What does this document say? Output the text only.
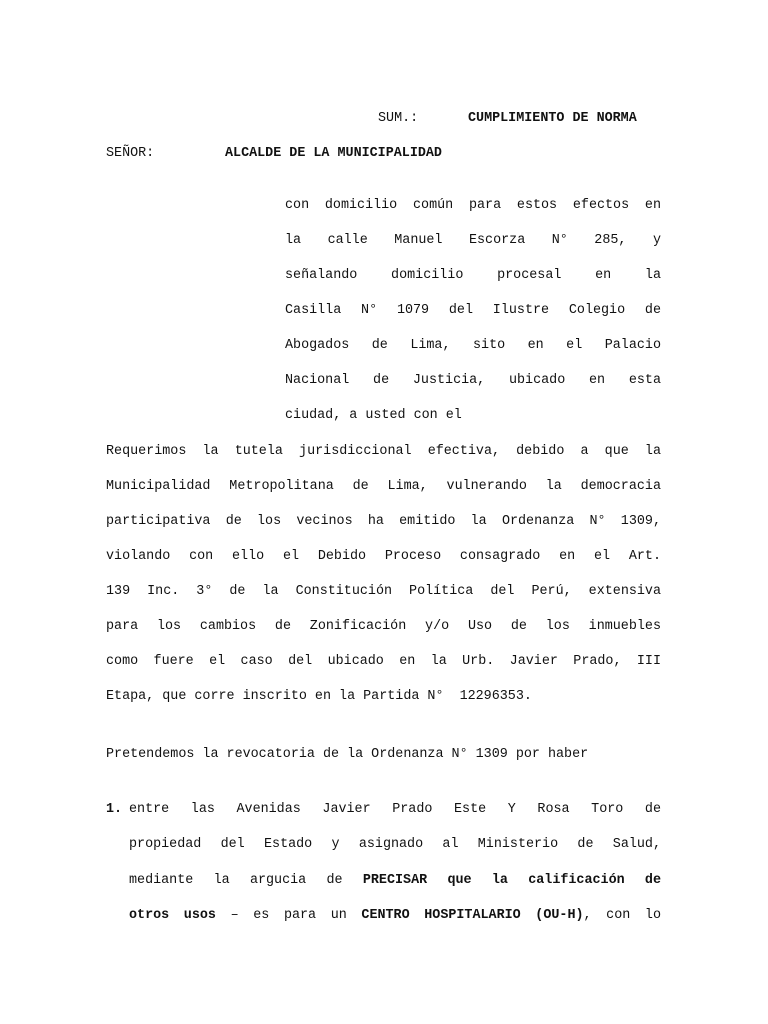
SUM.:	CUMPLIMIENTO DE NORMA
SEÑOR:	ALCALDE DE LA MUNICIPALIDAD
con domicilio común para estos efectos en
la calle Manuel Escorza N° 285, y
señalando domicilio procesal en la
Casilla N° 1079 del Ilustre Colegio de
Abogados de Lima, sito en el Palacio
Nacional de Justicia, ubicado en esta
ciudad, a usted con el
Requerimos la tutela jurisdiccional efectiva, debido a que la
Municipalidad Metropolitana de Lima, vulnerando la democracia
participativa de los vecinos ha emitido la Ordenanza N° 1309,
violando con ello el Debido Proceso consagrado en el Art.
139 Inc. 3° de la Constitución Política del Perú, extensiva
para los cambios de Zonificación y/o Uso de los inmuebles
como fuere el caso del ubicado en la Urb. Javier Prado, III
Etapa, que corre inscrito en la Partida N°  12296353.
Pretendemos la revocatoria de la Ordenanza N° 1309 por haber
1. entre las Avenidas Javier Prado Este Y Rosa Toro de
propiedad del Estado y asignado al Ministerio de Salud,
mediante la argucia de PRECISAR que la calificación de
otros usos – es para un CENTRO HOSPITALARIO (OU-H), con lo
